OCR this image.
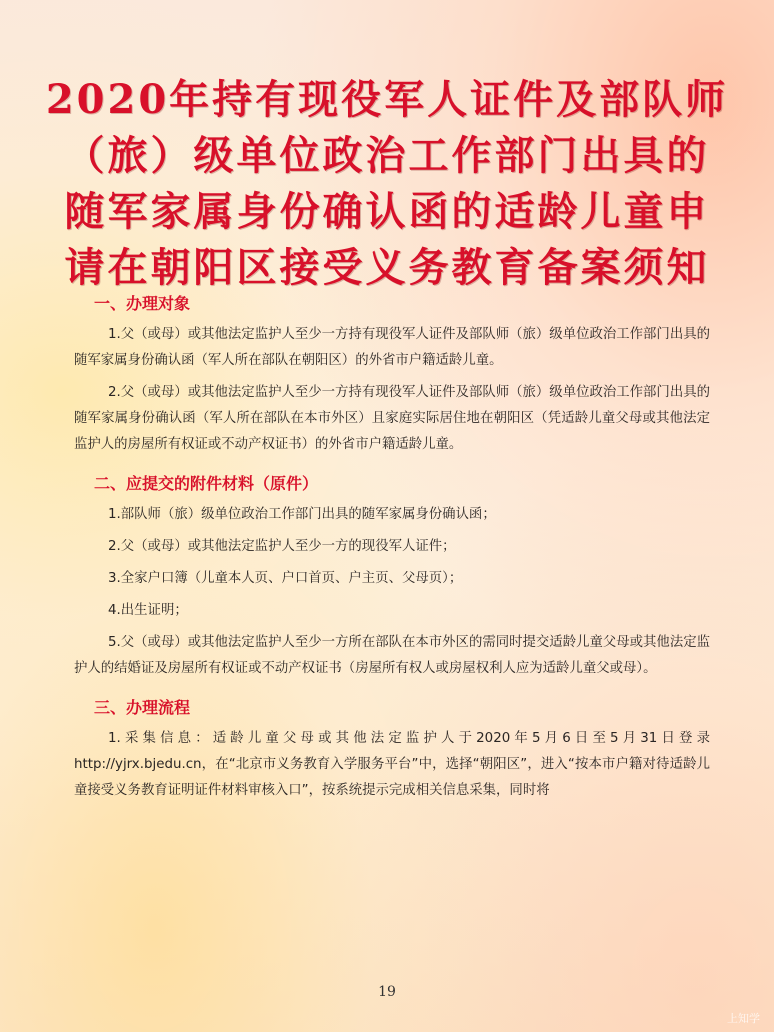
2020年持有现役军人证件及部队师
（旅）级单位政治工作部门出具的
随军家属身份确认函的适龄儿童申
请在朝阳区接受义务教育备案须知
一、办理对象

1.父（或母）或其他法定监护人至少一方持有现役军人证件及部队师（旅）级单位政治工作部门出具的随军家属身份确认函（军人所在部队在朝阳区）的外省市户籍适龄儿童。

2.父（或母）或其他法定监护人至少一方持有现役军人证件及部队师（旅）级单位政治工作部门出具的随军家属身份确认函（军人所在部队在本市外区）且家庭实际居住地在朝阳区（凭适龄儿童父母或其他法定监护人的房屋所有权证或不动产权证书）的外省市户籍适龄儿童。

二、应提交的附件材料（原件）

1.部队师（旅）级单位政治工作部门出具的随军家属身份确认函；

2.父（或母）或其他法定监护人至少一方的现役军人证件；

3.全家户口簿（儿童本人页、户口首页、户主页、父母页）；

4.出生证明；

5.父（或母）或其他法定监护人至少一方所在部队在本市外区的需同时提交适龄儿童父母或其他法定监护人的结婚证及房屋所有权证或不动产权证书（房屋所有权人或房屋权利人应为适龄儿童父或母）。

三、办理流程

1.采集信息：适龄儿童父母或其他法定监护人于2020年5月6日至5月31日登录 http://yjrx.bjedu.cn，在“北京市义务教育入学服务平台”中，选择“朝阳区”，进入“按本市户籍对待适龄儿童接受义务教育证明证件材料审核入口”，按系统提示完成相关信息采集，同时将

19
上知学
